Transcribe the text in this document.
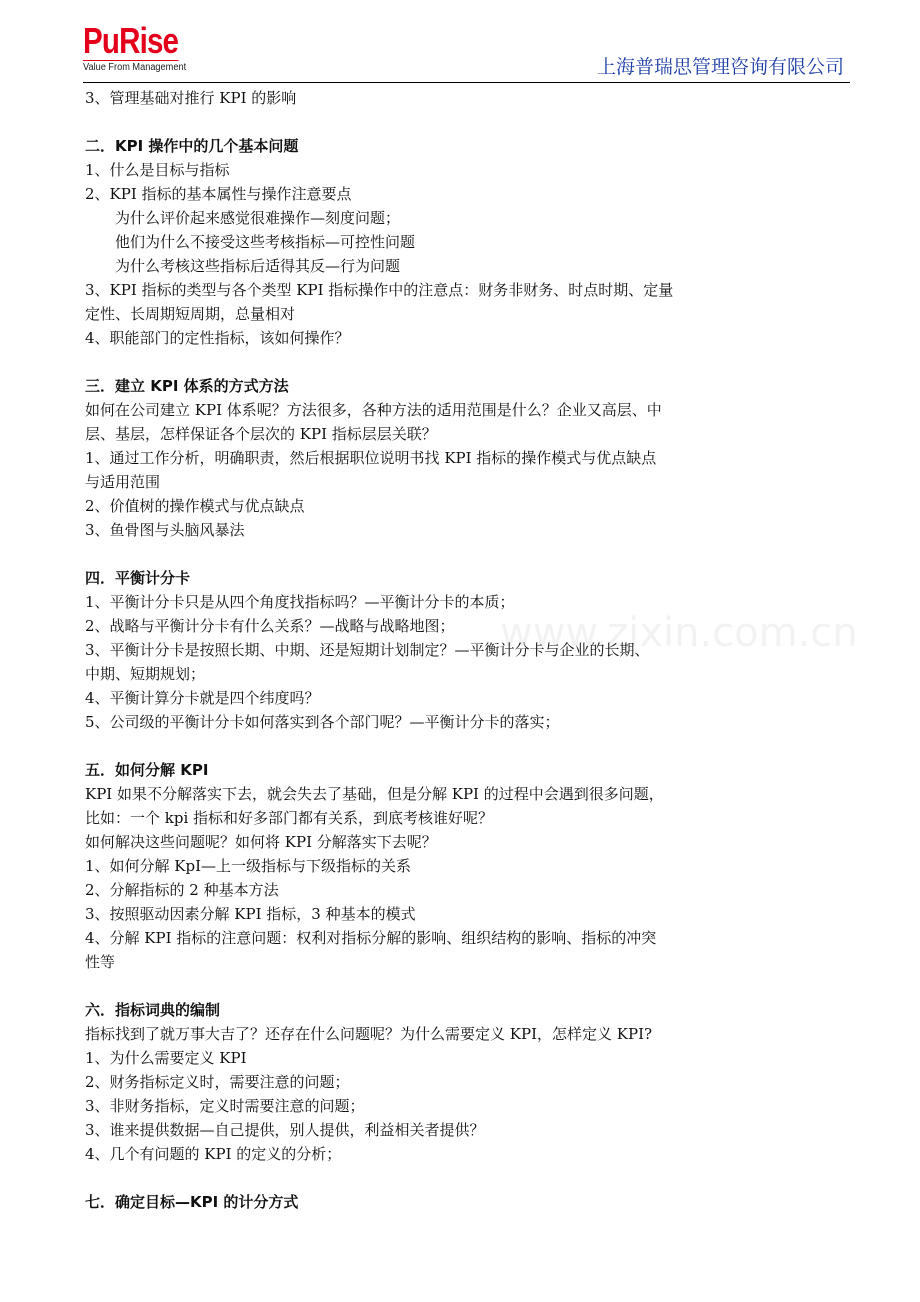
PuRise
Value From Management	上海普瑞思管理咨询有限公司
www.zixin.com.cn
3、管理基础对推行 KPI 的影响
二．KPI 操作中的几个基本问题
1、什么是目标与指标
2、KPI 指标的基本属性与操作注意要点
为什么评价起来感觉很难操作—刻度问题；
他们为什么不接受这些考核指标—可控性问题
为什么考核这些指标后适得其反—行为问题
3、KPI 指标的类型与各个类型 KPI 指标操作中的注意点：财务非财务、时点时期、定量
定性、长周期短周期，总量相对
4、职能部门的定性指标，该如何操作？
三．建立 KPI 体系的方式方法
如何在公司建立 KPI 体系呢？方法很多，各种方法的适用范围是什么？企业又高层、中
层、基层，怎样保证各个层次的 KPI 指标层层关联？
1、通过工作分析，明确职责，然后根据职位说明书找 KPI 指标的操作模式与优点缺点
与适用范围
2、价值树的操作模式与优点缺点
3、鱼骨图与头脑风暴法
四．平衡计分卡
1、平衡计分卡只是从四个角度找指标吗？—平衡计分卡的本质；
2、战略与平衡计分卡有什么关系？—战略与战略地图；
3、平衡计分卡是按照长期、中期、还是短期计划制定？—平衡计分卡与企业的长期、
中期、短期规划；
4、平衡计算分卡就是四个纬度吗？
5、公司级的平衡计分卡如何落实到各个部门呢？—平衡计分卡的落实；
五．如何分解 KPI
KPI 如果不分解落实下去，就会失去了基础，但是分解 KPI 的过程中会遇到很多问题，
比如：一个 kpi 指标和好多部门都有关系，到底考核谁好呢？
如何解决这些问题呢？如何将 KPI 分解落实下去呢？
1、如何分解 KpI—上一级指标与下级指标的关系
2、分解指标的 2 种基本方法
3、按照驱动因素分解 KPI 指标，3 种基本的模式
4、分解 KPI 指标的注意问题：权利对指标分解的影响、组织结构的影响、指标的冲突
性等
六．指标词典的编制
指标找到了就万事大吉了？还存在什么问题呢？为什么需要定义 KPI，怎样定义 KPI?
1、为什么需要定义 KPI
2、财务指标定义时，需要注意的问题；
3、非财务指标，定义时需要注意的问题；
3、谁来提供数据—自己提供，别人提供，利益相关者提供？
4、几个有问题的 KPI 的定义的分析；
七．确定目标—KPI 的计分方式
